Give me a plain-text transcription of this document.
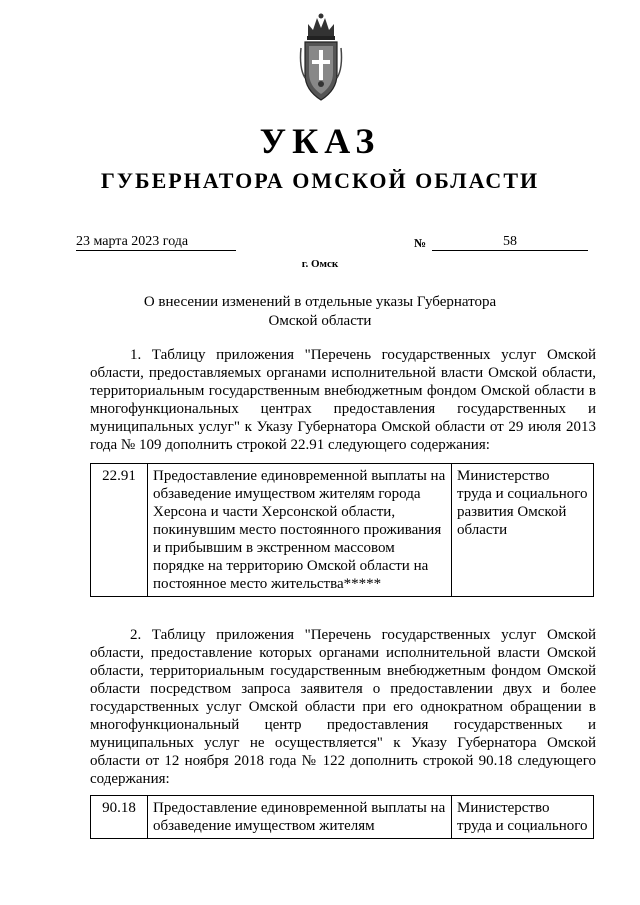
УКАЗ
ГУБЕРНАТОРА ОМСКОЙ ОБЛАСТИ
23 марта 2023 года	№	58
г. Омск
О внесении изменений в отдельные указы Губернатора Омской области
1. Таблицу приложения "Перечень государственных услуг Омской области, предоставляемых органами исполнительной власти Омской области, территориальным государственным внебюджетным фондом Омской области в многофункциональных центрах предоставления государственных и муниципальных услуг" к Указу Губернатора Омской области от 29 июля 2013 года № 109 дополнить строкой 22.91 следующего содержания:
22.91	Предоставление единовременной выплаты на обзаведение имуществом жителям города Херсона и части Херсонской области, покинувшим место постоянного проживания и прибывшим в экстренном массовом порядке на территорию Омской области на постоянное место жительства*****	Министерство труда и социального развития Омской области
2. Таблицу приложения "Перечень государственных услуг Омской области, предоставление которых органами исполнительной власти Омской области, территориальным государственным внебюджетным фондом Омской области посредством запроса заявителя о предоставлении двух и более государственных услуг Омской области при его однократном обращении в многофункциональный центр предоставления государственных и муниципальных услуг не осуществляется" к Указу Губернатора Омской области от 12 ноября 2018 года № 122 дополнить строкой 90.18 следующего содержания:
90.18	Предоставление единовременной выплаты на обзаведение имуществом жителям	Министерство труда и социального
